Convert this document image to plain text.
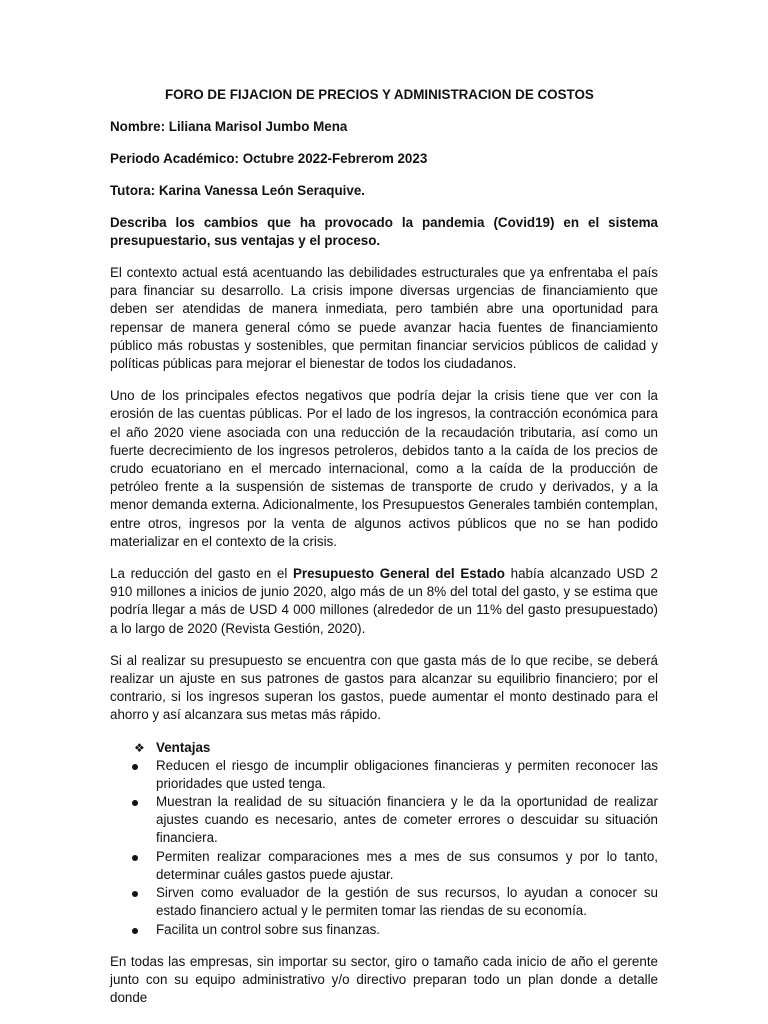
FORO DE FIJACION DE PRECIOS Y ADMINISTRACION DE COSTOS
Nombre: Liliana Marisol Jumbo Mena
Periodo Académico: Octubre 2022-Febrerom 2023
Tutora: Karina Vanessa León Seraquive.
Describa los cambios que ha provocado la pandemia (Covid19) en el sistema presupuestario, sus ventajas y el proceso.

El contexto actual está acentuando las debilidades estructurales que ya enfrentaba el país para financiar su desarrollo. La crisis impone diversas urgencias de financiamiento que deben ser atendidas de manera inmediata, pero también abre una oportunidad para repensar de manera general cómo se puede avanzar hacia fuentes de financiamiento público más robustas y sostenibles, que permitan financiar servicios públicos de calidad y políticas públicas para mejorar el bienestar de todos los ciudadanos.

Uno de los principales efectos negativos que podría dejar la crisis tiene que ver con la erosión de las cuentas públicas. Por el lado de los ingresos, la contracción económica para el año 2020 viene asociada con una reducción de la recaudación tributaria, así como un fuerte decrecimiento de los ingresos petroleros, debidos tanto a la caída de los precios de crudo ecuatoriano en el mercado internacional, como a la caída de la producción de petróleo frente a la suspensión de sistemas de transporte de crudo y derivados, y a la menor demanda externa. Adicionalmente, los Presupuestos Generales también contemplan, entre otros, ingresos por la venta de algunos activos públicos que no se han podido materializar en el contexto de la crisis.

La reducción del gasto en el Presupuesto General del Estado había alcanzado USD 2 910 millones a inicios de junio 2020, algo más de un 8% del total del gasto, y se estima que podría llegar a más de USD 4 000 millones (alrededor de un 11% del gasto presupuestado) a lo largo de 2020 (Revista Gestión, 2020).

Si al realizar su presupuesto se encuentra con que gasta más de lo que recibe, se deberá realizar un ajuste en sus patrones de gastos para alcanzar su equilibrio financiero; por el contrario, si los ingresos superan los gastos, puede aumentar el monto destinado para el ahorro y así alcanzara sus metas más rápido.

❖ Ventajas
Reducen el riesgo de incumplir obligaciones financieras y permiten reconocer las prioridades que usted tenga.
Muestran la realidad de su situación financiera y le da la oportunidad de realizar ajustes cuando es necesario, antes de cometer errores o descuidar su situación financiera.
Permiten realizar comparaciones mes a mes de sus consumos y por lo tanto, determinar cuáles gastos puede ajustar.
Sirven como evaluador de la gestión de sus recursos, lo ayudan a conocer su estado financiero actual y le permiten tomar las riendas de su economía.
Facilita un control sobre sus finanzas.

En todas las empresas, sin importar su sector, giro o tamaño cada inicio de año el gerente junto con su equipo administrativo y/o directivo preparan todo un plan donde a detalle donde
